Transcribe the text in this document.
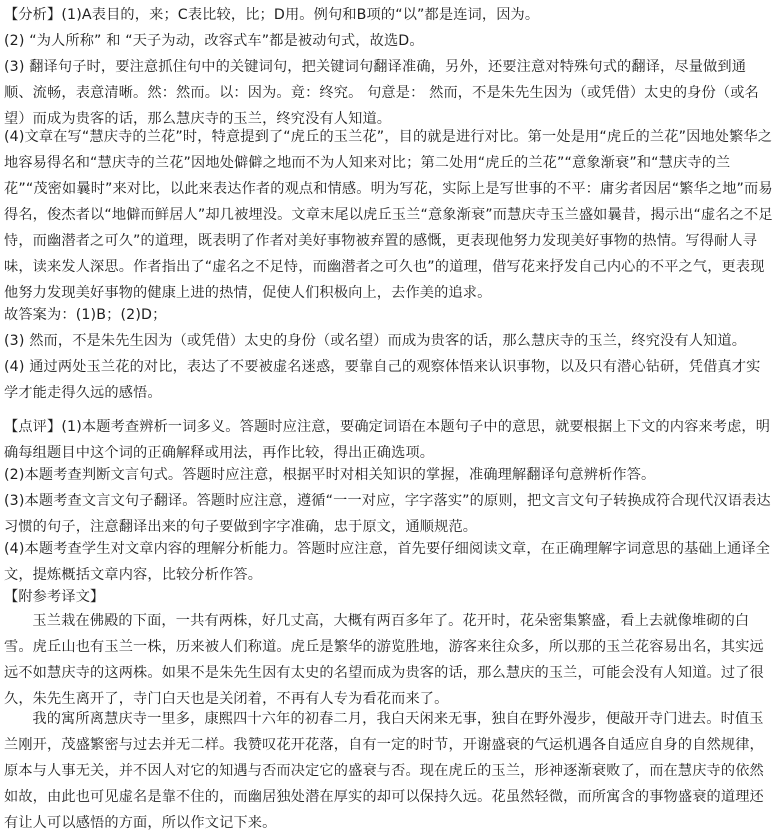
【分析】(1)A表目的，来；C表比较，比；D用。例句和B项的“以”都是连词，因为。
(2) “为人所称” 和 “天子为动，改容式车”都是被动句式，故选D。
(3) 翻译句子时，要注意抓住句中的关键词句，把关键词句翻译准确，另外，还要注意对特殊句式的翻译，尽量做到通顺、流畅，表意清晰。然：然而。以：因为。竟：终究。 句意是： 然而，不是朱先生因为（或凭借）太史的身份（或名望）而成为贵客的话，那么慧庆寺的玉兰，终究没有人知道。
(4)文章在写“慧庆寺的兰花”时，特意提到了“虎丘的玉兰花”，目的就是进行对比。第一处是用“虎丘的兰花”因地处繁华之地容易得名和“慧庆寺的兰花”因地处僻僻之地而不为人知来对比；第二处用“虎丘的兰花”“意象渐衰”和“慧庆寺的兰花”“茂密如曩时”来对比，以此来表达作者的观点和情感。明为写花，实际上是写世事的不平：庸劣者因居“繁华之地”而易得名，俊杰者以“地僻而鲜居人”却几被埋没。文章末尾以虎丘玉兰“意象渐衰”而慧庆寺玉兰盛如曩昔，揭示出“虚名之不足恃，而幽潜者之可久”的道理，既表明了作者对美好事物被弃置的感慨，更表现他努力发现美好事物的热情。写得耐人寻味，读来发人深思。作者指出了“虚名之不足恃，而幽潜者之可久也”的道理，借写花来抒发自己内心的不平之气，更表现他努力发现美好事物的健康上进的热情，促使人们积极向上，去作美的追求。
故答案为：(1)B；(2)D；
(3) 然而，不是朱先生因为（或凭借）太史的身份（或名望）而成为贵客的话，那么慧庆寺的玉兰，终究没有人知道。
(4) 通过两处玉兰花的对比，表达了不要被虚名迷惑，要靠自己的观察体悟来认识事物，以及只有潜心钻研，凭借真才实学才能走得久远的感悟。
【点评】(1)本题考查辨析一词多义。答题时应注意，要确定词语在本题句子中的意思，就要根据上下文的内容来考虑，明确每组题目中这个词的正确解释或用法，再作比较，得出正确选项。
(2)本题考查判断文言句式。答题时应注意，根据平时对相关知识的掌握，准确理解翻译句意辨析作答。
(3)本题考查文言文句子翻译。答题时应注意，遵循“一一对应，字字落实”的原则，把文言文句子转换成符合现代汉语表达习惯的句子，注意翻译出来的句子要做到字字准确，忠于原文，通顺规范。
(4)本题考查学生对文章内容的理解分析能力。答题时应注意，首先要仔细阅读文章，在正确理解字词意思的基础上通译全文，提炼概括文章内容，比较分析作答。
【附参考译文】
玉兰栽在佛殿的下面，一共有两株，好几丈高，大概有两百多年了。花开时，花朵密集繁盛，看上去就像堆砌的白雪。虎丘山也有玉兰一株，历来被人们称道。虎丘是繁华的游览胜地，游客来往众多，所以那的玉兰花容易出名，其实远远不如慧庆寺的这两株。如果不是朱先生因有太史的名望而成为贵客的话，那么慧庆的玉兰，可能会没有人知道。过了很久，朱先生离开了，寺门白天也是关闭着，不再有人专为看花而来了。
我的寓所离慧庆寺一里多，康熙四十六年的初春二月，我白天闲来无事，独自在野外漫步，便敲开寺门进去。时值玉兰刚开，茂盛繁密与过去并无二样。我赞叹花开花落，自有一定的时节，开谢盛衰的气运机遇各自适应自身的自然规律，原本与人事无关，并不因人对它的知遇与否而决定它的盛衰与否。现在虎丘的玉兰，形神逐渐衰败了，而在慧庆寺的依然如故，由此也可见虚名是靠不住的，而幽居独处潜在厚实的却可以保持久远。花虽然轻微，而所寓含的事物盛衰的道理还有让人可以感悟的方面，所以作文记下来。
